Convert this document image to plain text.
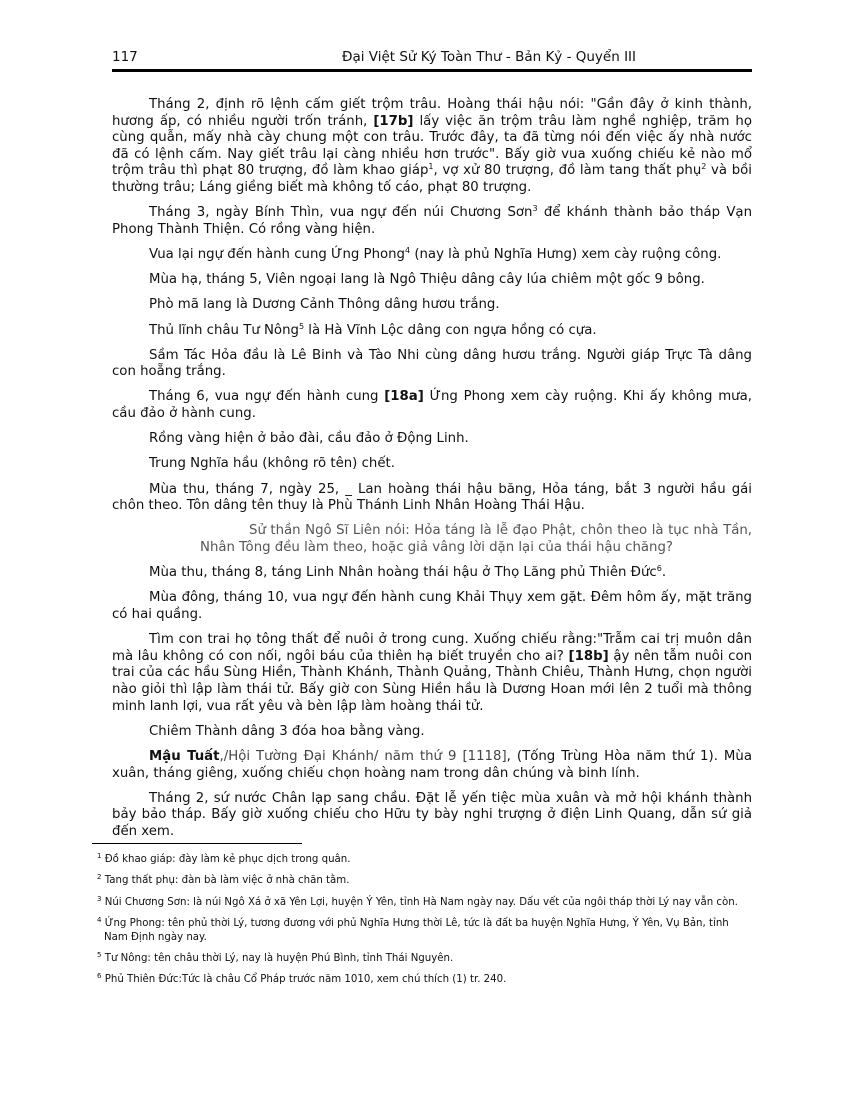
117	Đại Việt Sử Ký Toàn Thư - Bản Kỷ - Quyển III

Tháng 2, định rõ lệnh cấm giết trộm trâu. Hoàng thái hậu nói: "Gần đây ở kinh thành, hương ấp, có nhiều người trốn tránh, [17b] lấy việc ăn trộm trâu làm nghề nghiệp, trăm họ cùng quẫn, mấy nhà cày chung một con trâu. Trước đây, ta đã từng nói đến việc ấy nhà nước đã có lệnh cấm. Nay giết trâu lại càng nhiều hơn trước". Bấy giờ vua xuống chiếu kẻ nào mổ trộm trâu thì phạt 80 trượng, đồ làm khao giáp$^1$, vợ xử 80 trượng, đồ làm tang thất phụ$^2$ và bồi thường trâu; Láng giềng biết mà không tố cáo, phạt 80 trượng.

Tháng 3, ngày Bính Thìn, vua ngự đến núi Chương Sơn$^3$ để khánh thành bảo tháp Vạn Phong Thành Thiện. Có rồng vàng hiện.

Vua lại ngự đến hành cung Ứng Phong$^4$ (nay là phủ Nghĩa Hưng) xem cày ruộng công.

Mùa hạ, tháng 5, Viên ngoại lang là Ngô Thiệu dâng cây lúa chiêm một gốc 9 bông.

Phò mã lang là Dương Cảnh Thông dâng hươu trắng.

Thủ lĩnh châu Tư Nông$^5$ là Hà Vĩnh Lộc dâng con ngựa hồng có cựa.

Sầm Tác Hỏa đầu là Lê Binh và Tào Nhi cùng dâng hươu trắng. Người giáp Trực Tà dâng con hoẵng trắng.

Tháng 6, vua ngự đến hành cung [18a] Ứng Phong xem cày ruộng. Khi ấy không mưa, cầu đảo ở hành cung.

Rồng vàng hiện ở bảo đài, cầu đảo ở Động Linh.

Trung Nghĩa hầu (không rõ tên) chết.

Mùa thu, tháng 7, ngày 25, _ Lan hoàng thái hậu băng, Hỏa táng, bắt 3 người hầu gái chôn theo. Tôn dâng tên thuy là Phù Thánh Linh Nhân Hoàng Thái Hậu.

Sử thần Ngô Sĩ Liên nói: Hỏa táng là lễ đạo Phật, chôn theo là tục nhà Tần, Nhân Tông đều làm theo, hoặc giả vâng lời dặn lại của thái hậu chăng?

Mùa thu, tháng 8, táng Linh Nhân hoàng thái hậu ở Thọ Lăng phủ Thiên Đức$^6$.

Mùa đông, tháng 10, vua ngự đến hành cung Khải Thụy xem gặt. Đêm hôm ấy, mặt trăng có hai quầng.

Tìm con trai họ tông thất để nuôi ở trong cung. Xuống chiếu rằng:"Trẫm cai trị muôn dân mà lâu không có con nối, ngôi báu của thiên hạ biết truyền cho ai? [18b] ậy nên tẫm nuôi con trai của các hầu Sùng Hiền, Thành Khánh, Thành Quảng, Thành Chiêu, Thành Hưng, chọn người nào giỏi thì lập làm thái tử. Bấy giờ con Sùng Hiền hầu là Dương Hoan mới lên 2 tuổi mà thông minh lanh lợi, vua rất yêu và bèn lập làm hoàng thái tử.

Chiêm Thành dâng 3 đóa hoa bằng vàng.

Mậu Tuất,/Hội Tường Đại Khánh/ năm thứ 9 [1118], (Tống Trùng Hòa năm thứ 1). Mùa xuân, tháng giêng, xuống chiếu chọn hoàng nam trong dân chúng và binh lính.

Tháng 2, sứ nước Chân lạp sang chầu. Đặt lễ yến tiệc mùa xuân và mở hội khánh thành bảy bảo tháp. Bấy giờ xuống chiếu cho Hữu ty bày nghi trượng ở điện Linh Quang, dẫn sứ giả đến xem.

$^1$ Đồ khao giáp: đày làm kẻ phục dịch trong quân.
$^2$ Tang thất phụ: đàn bà làm việc ở nhà chăn tằm.
$^3$ Núi Chương Sơn: là núi Ngô Xá ở xã Yên Lợi, huyện Ý Yên, tỉnh Hà Nam ngày nay. Dấu vết của ngôi tháp thời Lý nay vẫn còn.
$^4$ Ứng Phong: tên phủ thời Lý, tương đương với phủ Nghĩa Hưng thời Lê, tức là đất ba huyện Nghĩa Hưng, Ý Yên, Vụ Bản, tỉnh Nam Định ngày nay.
$^5$ Tư Nông: tên châu thời Lý, nay là huyện Phú Bình, tỉnh Thái Nguyên.
$^6$ Phủ Thiên Đức:Tức là châu Cổ Pháp trước năm 1010, xem chú thích (1) tr. 240.
